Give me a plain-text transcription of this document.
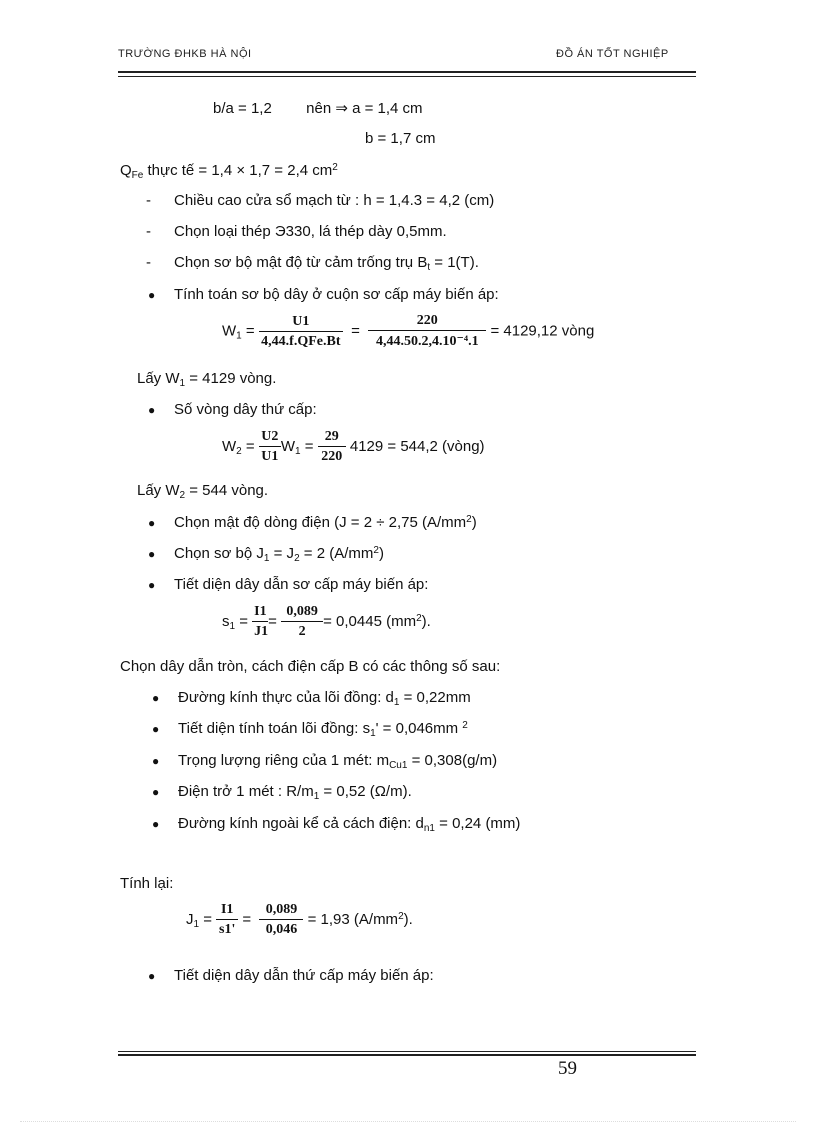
TRƯỜNG ĐHKB HÀ NỘI	ĐỒ ÁN TỐT NGHIỆP
b/a = 1,2 nên ⇒ a = 1,4 cm
b = 1,7 cm
$Q_{Fe}$ thực tế = 1,4 × 1,7 = 2,4 $cm^2$
- Chiều cao cửa sổ mạch từ : h = 1,4.3 = 4,2 (cm)
- Chọn loại thép Э330, lá thép dày 0,5mm.
- Chọn sơ bộ mật độ từ cảm trống trụ $B_t = 1(T)$.
● Tính toán sơ bộ dây ở cuộn sơ cấp máy biến áp:
$W_1 = \frac{U1}{\text{4,44.f.QFe.Bt}} = \frac{220}{\text{4,44.50.2,4.10⁻⁴.1}} = 4129,12$ vòng
Lấy $W_1 = 4129$ vòng.
● Số vòng dây thứ cấp:
$W_2 = \frac{U2}{U1} W_1 = \frac{29}{220} 4129 = 544,2$ (vòng)
Lấy $W_2 = 544$ vòng.
● Chọn mật độ dòng điện (J = 2 ÷ 2,75 $(A/mm^2)$
● Chọn sơ bộ $J_1 = J_2 = 2$ $(A/mm^2)$
● Tiết diện dây dẫn sơ cấp máy biến áp:
$s_1 = \frac{I1}{J1} = \frac{0,089}{2} = 0,0445$ $(mm^2)$.
Chọn dây dẫn tròn, cách điện cấp B có các thông số sau:
● Đường kính thực của lõi đồng: $d_1 = 0,22mm$
● Tiết diện tính toán lõi đồng: $s_1' = 0,046mm$ $^2$
● Trọng lượng riêng của 1 mét: $m_{Cu1} = 0,308(g/m)$
● Điện trở 1 mét : $R/m_1 = 0,52$ (Ω/m).
● Đường kính ngoài kể cả cách điện: $d_{n1} = 0,24$ (mm)
Tính lại:
$J_1 = \frac{I1}{s1'} = \frac{0,089}{0,046} = 1,93$ $(A/mm^2)$.
● Tiết diện dây dẫn thứ cấp máy biến áp:
59
